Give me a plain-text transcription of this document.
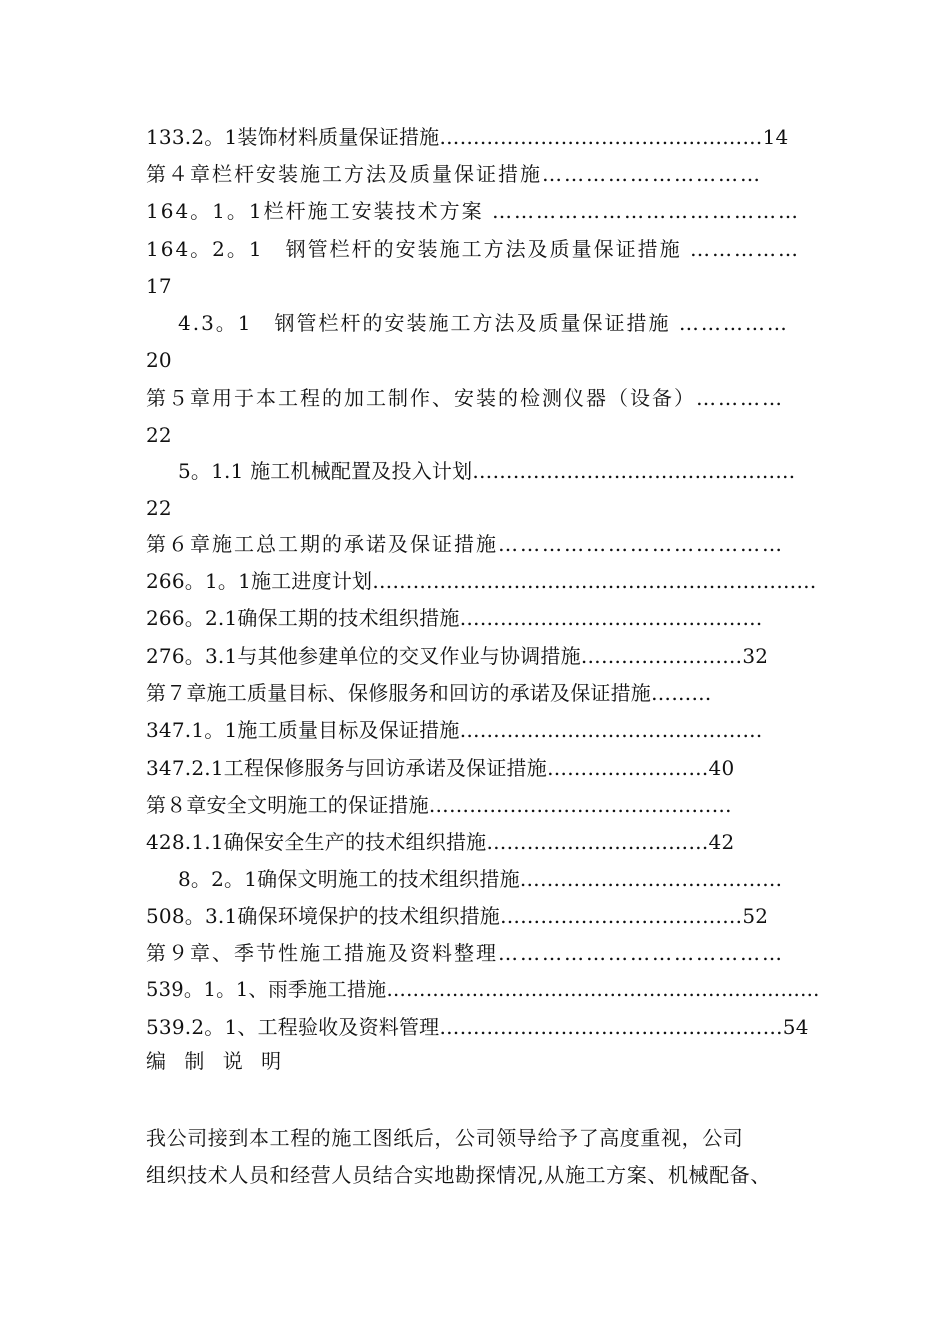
133.2。1装饰材料质量保证措施…………………………………………14
第４章栏杆安装施工方法及质量保证措施…………………………
164。1。1栏杆施工安装技术方案 ……………………………………
164。2。1　钢管栏杆的安装施工方法及质量保证措施 ……………
17
4.3。1　钢管栏杆的安装施工方法及质量保证措施 ……………
20
第５章用于本工程的加工制作、安装的检测仪器（设备）…………
22
5。1.1 施工机械配置及投入计划…………………………………………
22
第６章施工总工期的承诺及保证措施…………………………………
266。1。1施工进度计划…………………………………………………………
266。2.1确保工期的技术组织措施………………………………………
276。3.1与其他参建单位的交叉作业与协调措施……………………32
第７章施工质量目标、保修服务和回访的承诺及保证措施………
347.1。1施工质量目标及保证措施………………………………………
347.2.1工程保修服务与回访承诺及保证措施……………………40
第８章安全文明施工的保证措施………………………………………
428.1.1确保安全生产的技术组织措施……………………………42
8。2。1确保文明施工的技术组织措施…………………………………
508。3.1确保环境保护的技术组织措施………………………………52
第９章、季节性施工措施及资料整理…………………………………
539。1。1、雨季施工措施…………………………………………………………
539.2。1、工程验收及资料管理……………………………………………54
编 制 说 明
我公司接到本工程的施工图纸后，公司领导给予了高度重视，公司
组织技术人员和经营人员结合实地勘探情况,从施工方案、机械配备、
